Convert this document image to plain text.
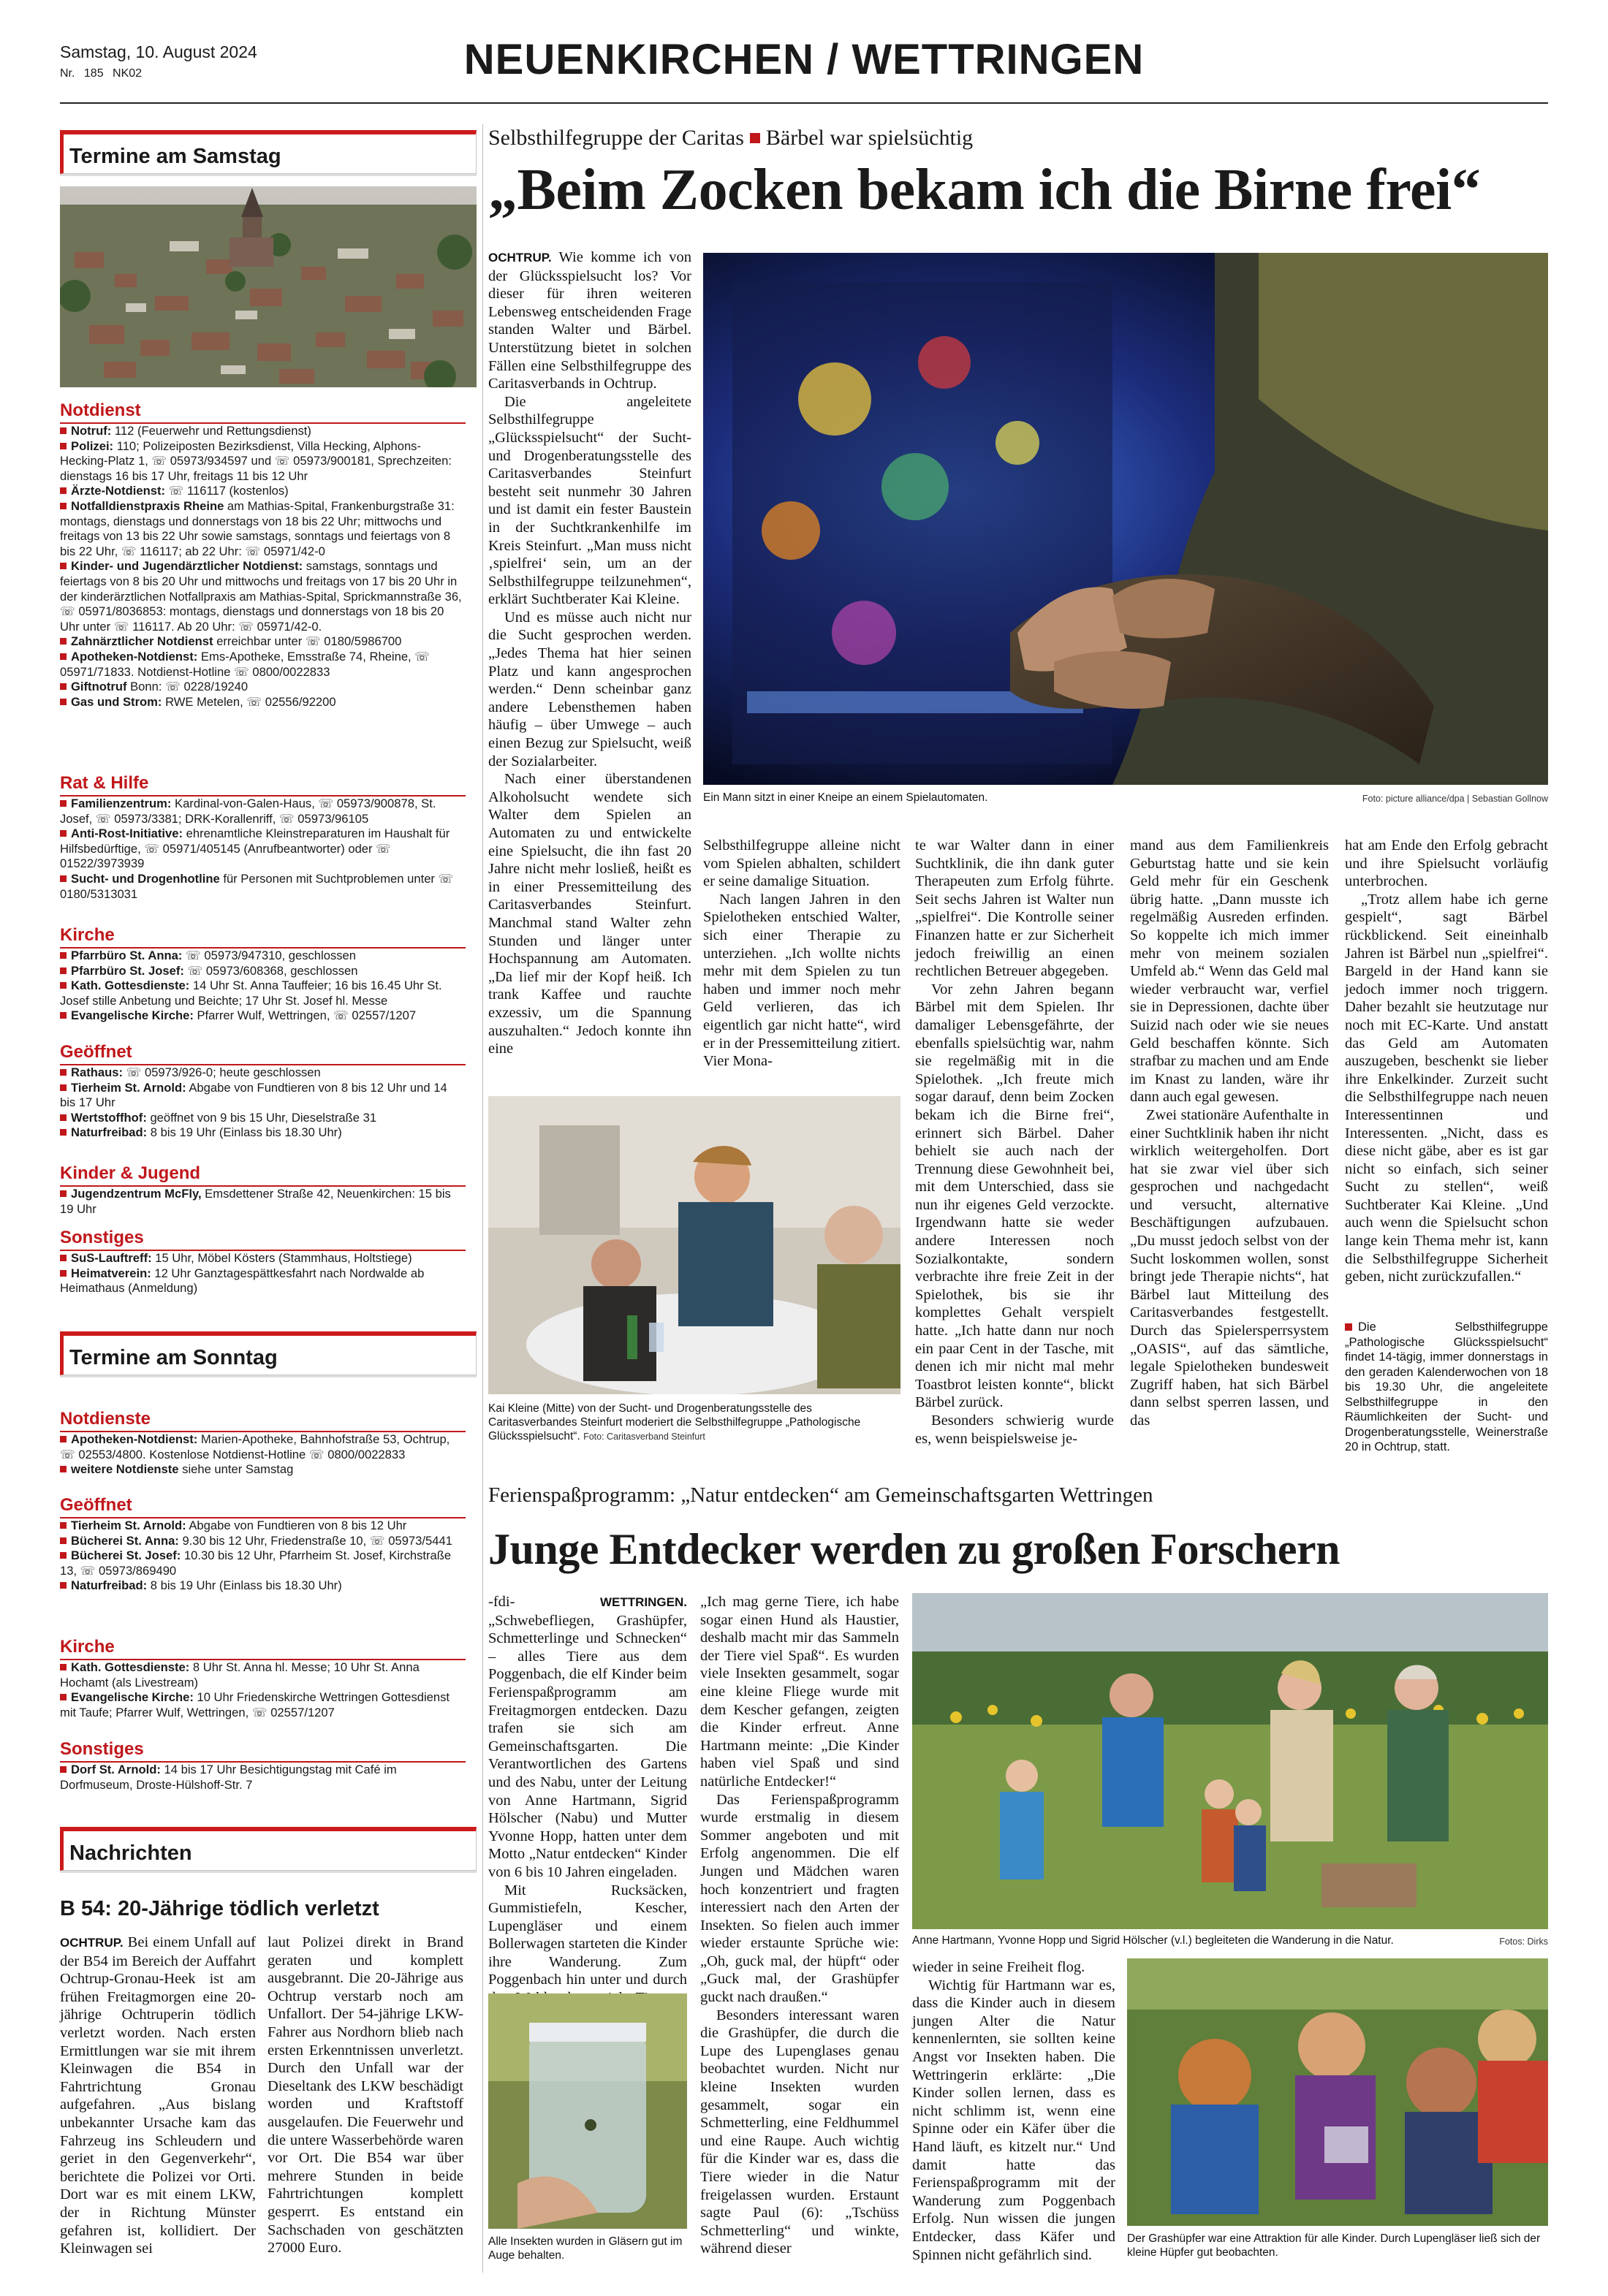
Samstag, 10. August 2024
Nr. 185 NK02	NEUENKIRCHEN / WETTRINGEN
Termine am Samstag
Notdienst
Notruf: 112 (Feuerwehr und Rettungsdienst)
Polizei: 110; Polizeiposten Bezirksdienst, Villa Hecking, Alphons-Hecking-Platz 1, ☏ 05973/934597 und ☏ 05973/900181, Sprechzeiten: dienstags 16 bis 17 Uhr, freitags 11 bis 12 Uhr
Ärzte-Notdienst: ☏ 116117 (kostenlos)
Notfalldienstpraxis Rheine am Mathias-Spital, Frankenburgstraße 31: montags, dienstags und donnerstags von 18 bis 22 Uhr; mittwochs und freitags von 13 bis 22 Uhr sowie samstags, sonntags und feiertags von 8 bis 22 Uhr, ☏ 116117; ab 22 Uhr: ☏ 05971/42-0
Kinder- und Jugendärztlicher Notdienst: samstags, sonntags und feiertags von 8 bis 20 Uhr und mittwochs und freitags von 17 bis 20 Uhr in der kinderärztlichen Notfallpraxis am Mathias-Spital, Sprickmannstraße 36, ☏ 05971/8036853: montags, dienstags und donnerstags von 18 bis 20 Uhr unter ☏ 116117. Ab 20 Uhr: ☏ 05971/42-0.
Zahnärztlicher Notdienst erreichbar unter ☏ 0180/5986700
Apotheken-Notdienst: Ems-Apotheke, Emsstraße 74, Rheine, ☏ 05971/71833. Notdienst-Hotline ☏ 0800/0022833
Giftnotruf Bonn: ☏ 0228/19240
Gas und Strom: RWE Metelen, ☏ 02556/92200
Rat & Hilfe
Familienzentrum: Kardinal-von-Galen-Haus, ☏ 05973/900878, St. Josef, ☏ 05973/3381; DRK-Korallenriff, ☏ 05973/96105
Anti-Rost-Initiative: ehrenamtliche Kleinstreparaturen im Haushalt für Hilfsbedürftige, ☏ 05971/405145 (Anrufbeantworter) oder ☏ 01522/3973939
Sucht- und Drogenhotline für Personen mit Suchtproblemen unter ☏ 0180/5313031
Kirche
Pfarrbüro St. Anna: ☏ 05973/947310, geschlossen
Pfarrbüro St. Josef: ☏ 05973/608368, geschlossen
Kath. Gottesdienste: 14 Uhr St. Anna Tauffeier; 16 bis 16.45 Uhr St. Josef stille Anbetung und Beichte; 17 Uhr St. Josef hl. Messe
Evangelische Kirche: Pfarrer Wulf, Wettringen, ☏ 02557/1207
Geöffnet
Rathaus: ☏ 05973/926-0; heute geschlossen
Tierheim St. Arnold: Abgabe von Fundtieren von 8 bis 12 Uhr und 14 bis 17 Uhr
Wertstoffhof: geöffnet von 9 bis 15 Uhr, Dieselstraße 31
Naturfreibad: 8 bis 19 Uhr (Einlass bis 18.30 Uhr)
Kinder & Jugend
Jugendzentrum McFly, Emsdettener Straße 42, Neuenkirchen: 15 bis 19 Uhr
Sonstiges
SuS-Lauftreff: 15 Uhr, Möbel Kösters (Stammhaus, Holtstiege)
Heimatverein: 12 Uhr Ganztagespättkesfahrt nach Nordwalde ab Heimathaus (Anmeldung)
Termine am Sonntag
Notdienste
Apotheken-Notdienst: Marien-Apotheke, Bahnhofstraße 53, Ochtrup, ☏ 02553/4800. Kostenlose Notdienst-Hotline ☏ 0800/0022833
weitere Notdienste siehe unter Samstag
Geöffnet
Tierheim St. Arnold: Abgabe von Fundtieren von 8 bis 12 Uhr
Bücherei St. Anna: 9.30 bis 12 Uhr, Friedenstraße 10, ☏ 05973/5441
Bücherei St. Josef: 10.30 bis 12 Uhr, Pfarrheim St. Josef, Kirchstraße 13, ☏ 05973/869490
Naturfreibad: 8 bis 19 Uhr (Einlass bis 18.30 Uhr)
Kirche
Kath. Gottesdienste: 8 Uhr St. Anna hl. Messe; 10 Uhr St. Anna Hochamt (als Livestream)
Evangelische Kirche: 10 Uhr Friedenskirche Wettringen Gottesdienst mit Taufe; Pfarrer Wulf, Wettringen, ☏ 02557/1207
Sonstiges
Dorf St. Arnold: 14 bis 17 Uhr Besichtigungstag mit Café im Dorfmuseum, Droste-Hülshoff-Str. 7
Nachrichten
B 54: 20-Jährige tödlich verletzt

OCHTRUP. Bei einem Unfall auf der B54 im Bereich der Auffahrt Ochtrup-Gronau-Heek ist am frühen Freitagmorgen eine 20-jährige Ochtruperin tödlich verletzt worden. Nach ersten Ermittlungen war sie mit ihrem Kleinwagen die B54 in Fahrtrichtung Gronau aufgefahren. „Aus bislang unbekannter Ursache kam das Fahrzeug ins Schleudern und geriet in den Gegenverkehr“, berichtete die Polizei vor Orti. Dort war es mit einem LKW, der in Richtung Münster gefahren ist, kollidiert. Der Kleinwagen sei

laut Polizei direkt in Brand geraten und komplett ausgebrannt. Die 20-Jährige aus Ochtrup verstarb noch am Unfallort. Der 54-jährige LKW-Fahrer aus Nordhorn blieb nach ersten Erkenntnissen unverletzt. Durch den Unfall war der Dieseltank des LKW beschädigt worden und Kraftstoff ausgelaufen. Die Feuerwehr und die untere Wasserbehörde waren vor Ort. Die B54 war über mehrere Stunden in beide Fahrtrichtungen komplett gesperrt. Es entstand ein Sachschaden von geschätzten 27000 Euro.

Selbsthilfegruppe der Caritas Bärbel war spielsüchtig
„Beim Zocken bekam ich die Birne frei“

OCHTRUP. Wie komme ich von der Glücksspielsucht los? Vor dieser für ihren weiteren Lebensweg entscheidenden Frage standen Walter und Bärbel. Unterstützung bietet in solchen Fällen eine Selbsthilfegruppe des Caritasverbands in Ochtrup.

Die angeleitete Selbsthilfegruppe „Glücksspielsucht“ der Sucht- und Drogenberatungsstelle des Caritasverbandes Steinfurt besteht seit nunmehr 30 Jahren und ist damit ein fester Baustein in der Suchtkrankenhilfe im Kreis Steinfurt. „Man muss nicht ‚spielfrei‘ sein, um an der Selbsthilfegruppe teilzunehmen“, erklärt Suchtberater Kai Kleine.

Und es müsse auch nicht nur die Sucht gesprochen werden. „Jedes Thema hat hier seinen Platz und kann angesprochen werden.“ Denn scheinbar ganz andere Lebensthemen haben häufig – über Umwege – auch einen Bezug zur Spielsucht, weiß der Sozialarbeiter.

Nach einer überstandenen Alkoholsucht wendete sich Walter dem Spielen an Automaten zu und entwickelte eine Spielsucht, die ihn fast 20 Jahre nicht mehr losließ, heißt es in einer Pressemitteilung des Caritasverbandes Steinfurt. Manchmal stand Walter zehn Stunden und länger unter Hochspannung am Automaten. „Da lief mir der Kopf heiß. Ich trank Kaffee und rauchte exzessiv, um die Spannung auszuhalten.“ Jedoch konnte ihn eine

Ein Mann sitzt in einer Kneipe an einem Spielautomaten.	Foto: picture alliance/dpa | Sebastian Gollnow

Selbsthilfegruppe alleine nicht vom Spielen abhalten, schildert er seine damalige Situation.

Nach langen Jahren in den Spielotheken entschied Walter, sich einer Therapie zu unterziehen. „Ich wollte nichts mehr mit dem Spielen zu tun haben und immer noch mehr Geld verlieren, das ich eigentlich gar nicht hatte“, wird er in der Pressemitteilung zitiert. Vier Mona-

Kai Kleine (Mitte) von der Sucht- und Drogenberatungsstelle des Caritasverbandes Steinfurt moderiert die Selbsthilfegruppe „Pathologische Glücksspielsucht“. Foto: Caritasverband Steinfurt

te war Walter dann in einer Suchtklinik, die ihn dank guter Therapeuten zum Erfolg führte. Seit sechs Jahren ist Walter nun „spielfrei“. Die Kontrolle seiner Finanzen hatte er zur Sicherheit jedoch freiwillig an einen rechtlichen Betreuer abgegeben.

Vor zehn Jahren begann Bärbel mit dem Spielen. Ihr damaliger Lebensgefährte, der ebenfalls spielsüchtig war, nahm sie regelmäßig mit in die Spielothek. „Ich freute mich sogar darauf, denn beim Zocken bekam ich die Birne frei“, erinnert sich Bärbel. Daher behielt sie auch nach der Trennung diese Gewohnheit bei, mit dem Unterschied, dass sie nun ihr eigenes Geld verzockte. Irgendwann hatte sie weder andere Interessen noch Sozialkontakte, sondern verbrachte ihre freie Zeit in der Spielothek, bis sie ihr komplettes Gehalt verspielt hatte. „Ich hatte dann nur noch ein paar Cent in der Tasche, mit denen ich mir nicht mal mehr Toastbrot leisten konnte“, blickt Bärbel zurück.

Besonders schwierig wurde es, wenn beispielsweise je-

mand aus dem Familienkreis Geburtstag hatte und sie kein Geld mehr für ein Geschenk übrig hatte. „Dann musste ich regelmäßig Ausreden erfinden. So koppelte ich mich immer mehr von meinem sozialen Umfeld ab.“ Wenn das Geld mal wieder verbraucht war, verfiel sie in Depressionen, dachte über Suizid nach oder wie sie neues Geld beschaffen könnte. Sich strafbar zu machen und am Ende im Knast zu landen, wäre ihr dann auch egal gewesen.

Zwei stationäre Aufenthalte in einer Suchtklinik haben ihr nicht wirklich weitergeholfen. Dort hat sie zwar viel über sich gesprochen und nachgedacht und versucht, alternative Beschäftigungen aufzubauen. „Du musst jedoch selbst von der Sucht loskommen wollen, sonst bringt jede Therapie nichts“, hat Bärbel laut Mitteilung des Caritasverbandes festgestellt. Durch das Spielersperrsystem „OASIS“, auf das sämtliche, legale Spielotheken bundesweit Zugriff haben, hat sich Bärbel dann selbst sperren lassen, und das

hat am Ende den Erfolg gebracht und ihre Spielsucht vorläufig unterbrochen.

„Trotz allem habe ich gerne gespielt“, sagt Bärbel rückblickend. Seit eineinhalb Jahren ist Bärbel nun „spielfrei“. Bargeld in der Hand kann sie jedoch immer noch triggern. Daher bezahlt sie heutzutage nur noch mit EC-Karte. Und anstatt das Geld am Automaten auszugeben, beschenkt sie lieber ihre Enkelkinder. Zurzeit sucht die Selbsthilfegruppe nach neuen Interessentinnen und Interessenten. „Nicht, dass es diese nicht gäbe, aber es ist gar nicht so einfach, sich seiner Sucht zu stellen“, weiß Suchtberater Kai Kleine. „Und auch wenn die Spielsucht schon lange kein Thema mehr ist, kann die Selbsthilfegruppe Sicherheit geben, nicht zurückzufallen.“

Die Selbsthilfegruppe „Pathologische Glücksspielsucht“ findet 14-tägig, immer donnerstags in den geraden Kalenderwochen von 18 bis 19.30 Uhr, die angeleitete Selbsthilfegruppe in den Räumlichkeiten der Sucht- und Drogenberatungsstelle, Weinerstraße 20 in Ochtrup, statt.
Ferienspaßprogramm: „Natur entdecken“ am Gemeinschaftsgarten Wettringen
Junge Entdecker werden zu großen Forschern

-fdi-	WETTRINGEN. „Schwebefliegen, Grashüpfer, Schmetterlinge und Schnecken“ – alles Tiere aus dem Poggenbach, die elf Kinder beim Ferienspaßprogramm am Freitagmorgen entdecken. Dazu trafen sie sich am Gemeinschaftsgarten. Die Verantwortlichen des Gartens und des Nabu, unter der Leitung von Anne Hartmann, Sigrid Hölscher (Nabu) und Mutter Yvonne Hopp, hatten unter dem Motto „Natur entdecken“ Kinder von 6 bis 10 Jahren eingeladen.

Mit Rucksäcken, Gummistiefeln, Kescher, Lupengläser und einem Bollerwagen starteten die Kinder ihre Wanderung. Zum Poggenbach hin unter und durch

Alle Insekten wurden in Gläsern gut im Auge behalten.

„Ich mag gerne Tiere, ich habe sogar einen Hund als Haustier, deshalb macht mir das Sammeln der Tiere viel Spaß“. Es wurden viele Insekten gesammelt, sogar eine kleine Fliege wurde mit dem Kescher gefangen, zeigten die Kinder erfreut. Anne Hartmann meinte: „Die Kinder haben viel Spaß und sind natürliche Entdecker!“

Das Ferienspaßprogramm wurde erstmalig in diesem Sommer angeboten und mit Erfolg angenommen. Die elf Jungen und Mädchen waren hoch konzentriert und fragten interessiert nach den Arten der Insekten. So fielen auch immer wieder erstaunte Sprüche wie: „Oh, guck mal, der hüpft“ oder „Guck mal, der Grashüpfer guckt nach draußen.“

Besonders interessant waren die Grashüpfer, die durch die Lupe des Lupenglases genau beobachtet wurden. Nicht nur kleine Insekten wurden gesammelt, sogar ein Schmetterling, eine Feldhummel und eine Raupe. Auch wichtig für die Kinder war es, dass die Tiere wieder in die Natur freigelassen wurden. Erstaunt sagte Paul (6): „Tschüss Schmetterling“ und winkte, während dieser

Anne Hartmann, Yvonne Hopp und Sigrid Hölscher (v.l.) begleiteten die Wanderung in die Natur.	Fotos: Dirks

wieder in seine Freiheit flog.

Wichtig für Hartmann war es, dass die Kinder auch in diesem jungen Alter die Natur kennenlernten, sie sollten keine Angst vor Insekten haben. Die Wettringerin erklärte: „Die Kinder sollen lernen, dass es nicht schlimm ist, wenn eine Spinne oder ein Käfer über die Hand läuft, es kitzelt nur.“ Und damit hatte das Ferienspaßprogramm mit der Wanderung zum Poggenbach Erfolg. Nun wissen die jungen Entdecker, dass Käfer und Spinnen nicht gefährlich sind.

Der Grashüpfer war eine Attraktion für alle Kinder. Durch Lupengläser ließ sich der kleine Hüpfer gut beobachten.
